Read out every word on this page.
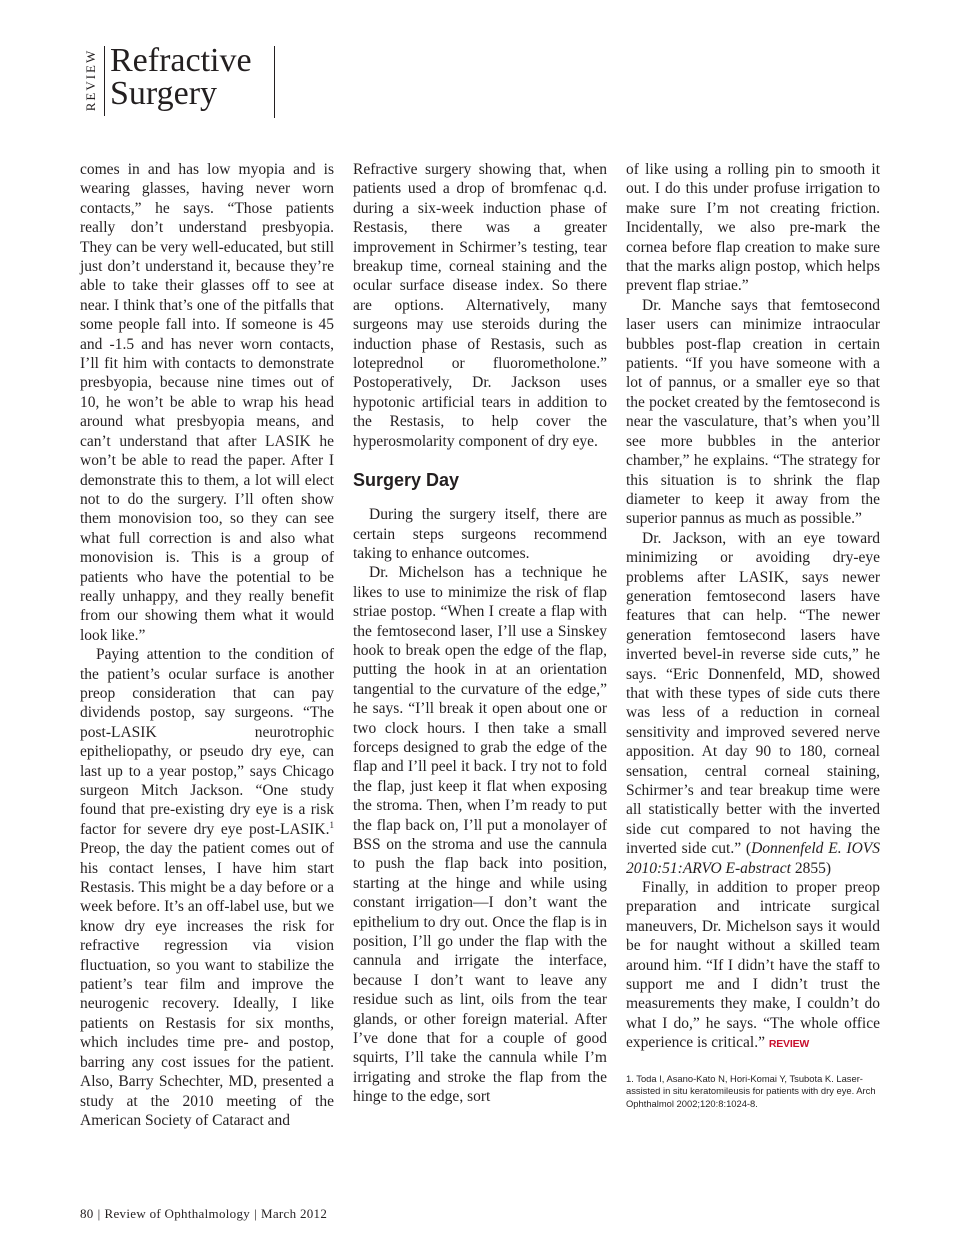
REVIEW Refractive
Surgery

comes in and has low myopia and is wearing glasses, having never worn contacts,” he says. “Those patients really don’t understand presbyopia. They can be very well-educated, but still just don’t understand it, because they’re able to take their glasses off to see at near. I think that’s one of the pitfalls that some people fall into. If someone is 45 and -1.5 and has never worn contacts, I’ll fit him with contacts to demonstrate presbyopia, because nine times out of 10, he won’t be able to wrap his head around what presbyopia means, and can’t understand that after LASIK he won’t be able to read the paper. After I demonstrate this to them, a lot will elect not to do the surgery. I’ll often show them monovision too, so they can see what full correction is and also what monovision is. This is a group of patients who have the potential to be really unhappy, and they really benefit from our showing them what it would look like.”

Paying attention to the condition of the patient’s ocular surface is another preop consideration that can pay dividends postop, say surgeons. “The post-LASIK neurotrophic epitheliopathy, or pseudo dry eye, can last up to a year postop,” says Chicago surgeon Mitch Jackson. “One study found that pre-existing dry eye is a risk factor for severe dry eye post-LASIK.$^1$ Preop, the day the patient comes out of his contact lenses, I have him start Restasis. This might be a day before or a week before. It’s an off-label use, but we know dry eye increases the risk for refractive regression via vision fluctuation, so you want to stabilize the patient’s tear film and improve the neurogenic recovery. Ideally, I like patients on Restasis for six months, which includes time pre- and postop, barring any cost issues for the patient. Also, Barry Schechter, MD, presented a study at the 2010 meeting of the American Society of Cataract and

Refractive surgery showing that, when patients used a drop of bromfenac q.d. during a six-week induction phase of Restasis, there was a greater improvement in Schirmer’s testing, tear breakup time, corneal staining and the ocular surface disease index. So there are options. Alternatively, many surgeons may use steroids during the induction phase of Restasis, such as loteprednol or fluorometholone.” Postoperatively, Dr. Jackson uses hypotonic artificial tears in addition to the Restasis, to help cover the hyperosmolarity component of dry eye.

Surgery Day

During the surgery itself, there are certain steps surgeons recommend taking to enhance outcomes.

Dr. Michelson has a technique he likes to use to minimize the risk of flap striae postop. “When I create a flap with the femtosecond laser, I’ll use a Sinskey hook to break open the edge of the flap, putting the hook in at an orientation tangential to the curvature of the edge,” he says. “I’ll break it open about one or two clock hours. I then take a small forceps designed to grab the edge of the flap and I’ll peel it back. I try not to fold the flap, just keep it flat when exposing the stroma. Then, when I’m ready to put the flap back on, I’ll put a monolayer of BSS on the stroma and use the cannula to push the flap back into position, starting at the hinge and while using constant irrigation—I don’t want the epithelium to dry out. Once the flap is in position, I’ll go under the flap with the cannula and irrigate the interface, because I don’t want to leave any residue such as lint, oils from the tear glands, or other foreign material. After I’ve done that for a couple of good squirts, I’ll take the cannula while I’m irrigating and stroke the flap from the hinge to the edge, sort

of like using a rolling pin to smooth it out. I do this under profuse irrigation to make sure I’m not creating friction. Incidentally, we also pre-mark the cornea before flap creation to make sure that the marks align postop, which helps prevent flap striae.”

Dr. Manche says that femtosecond laser users can minimize intraocular bubbles post-flap creation in certain patients. “If you have someone with a lot of pannus, or a smaller eye so that the pocket created by the femtosecond is near the vasculature, that’s when you’ll see more bubbles in the anterior chamber,” he explains. “The strategy for this situation is to shrink the flap diameter to keep it away from the superior pannus as much as possible.”

Dr. Jackson, with an eye toward minimizing or avoiding dry-eye problems after LASIK, says newer generation femtosecond lasers have features that can help. “The newer generation femtosecond lasers have inverted bevel-in reverse side cuts,” he says. “Eric Donnenfeld, MD, showed that with these types of side cuts there was less of a reduction in corneal sensitivity and improved severed nerve apposition. At day 90 to 180, corneal sensation, central corneal staining, Schirmer’s and tear breakup time were all statistically better with the inverted side cut compared to not having the inverted side cut.” (Donnenfeld E. IOVS 2010:51:ARVO E-abstract 2855)

Finally, in addition to proper preop preparation and intricate surgical maneuvers, Dr. Michelson says it would be for naught without a skilled team around him. “If I didn’t have the staff to support me and I didn’t trust the measurements they make, I couldn’t do what I do,” he says. “The whole office experience is critical.” REVIEW

1. Toda I, Asano-Kato N, Hori-Komai Y, Tsubota K. Laser-assisted in situ keratomileusis for patients with dry eye. Arch Ophthalmol 2002;120:8:1024-8.
80 | Review of Ophthalmology | March 2012
